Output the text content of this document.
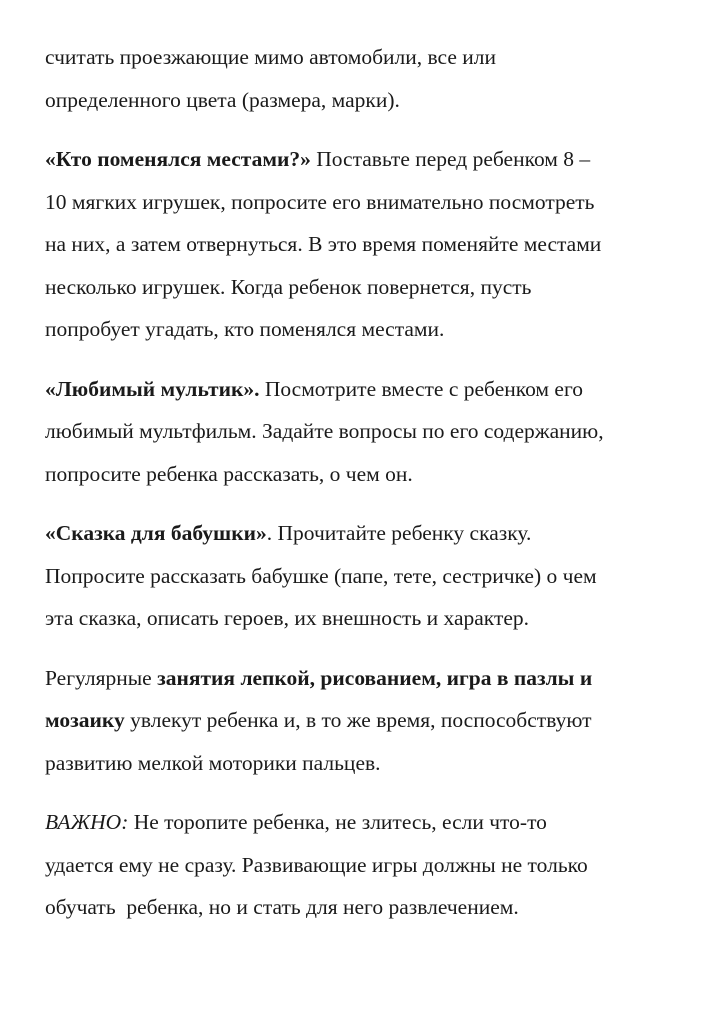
считать проезжающие мимо автомобили, все или
определенного цвета (размера, марки).
«Кто поменялся местами?» Поставьте перед ребенком 8 –
10 мягких игрушек, попросите его внимательно посмотреть
на них, а затем отвернуться. В это время поменяйте местами
несколько игрушек. Когда ребенок повернется, пусть
попробует угадать, кто поменялся местами.
«Любимый мультик». Посмотрите вместе с ребенком его
любимый мультфильм. Задайте вопросы по его содержанию,
попросите ребенка рассказать, о чем он.
«Сказка для бабушки». Прочитайте ребенку сказку.
Попросите рассказать бабушке (папе, тете, сестричке) о чем
эта сказка, описать героев, их внешность и характер.
Регулярные занятия лепкой, рисованием, игра в пазлы и
мозаику увлекут ребенка и, в то же время, поспособствуют
развитию мелкой моторики пальцев.
ВАЖНО: Не торопите ребенка, не злитесь, если что-то
удается ему не сразу. Развивающие игры должны не только
обучать  ребенка, но и стать для него развлечением.
